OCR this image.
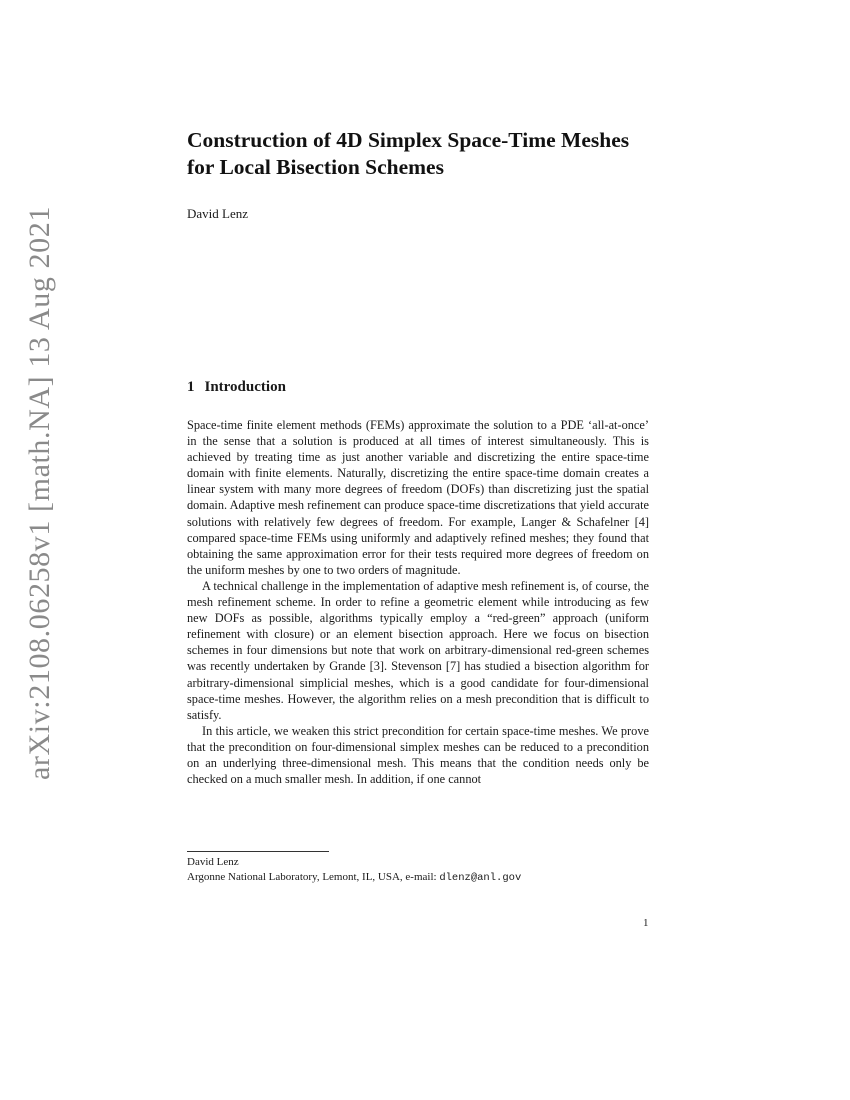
arXiv:2108.06258v1 [math.NA] 13 Aug 2021
Construction of 4D Simplex Space-Time Meshes
for Local Bisection Schemes
David Lenz
1 Introduction

Space-time finite element methods (FEMs) approximate the solution to a PDE ‘all-at-once’ in the sense that a solution is produced at all times of interest simultaneously. This is achieved by treating time as just another variable and discretizing the entire space-time domain with finite elements. Naturally, discretizing the entire space-time domain creates a linear system with many more degrees of freedom (DOFs) than discretizing just the spatial domain. Adaptive mesh refinement can produce space-time discretizations that yield accurate solutions with relatively few degrees of freedom. For example, Langer & Schafelner [4] compared space-time FEMs using uniformly and adaptively refined meshes; they found that obtaining the same approximation error for their tests required more degrees of freedom on the uniform meshes by one to two orders of magnitude.

A technical challenge in the implementation of adaptive mesh refinement is, of course, the mesh refinement scheme. In order to refine a geometric element while introducing as few new DOFs as possible, algorithms typically employ a “red-green” approach (uniform refinement with closure) or an element bisection approach. Here we focus on bisection schemes in four dimensions but note that work on arbitrary-dimensional red-green schemes was recently undertaken by Grande [3]. Stevenson [7] has studied a bisection algorithm for arbitrary-dimensional simplicial meshes, which is a good candidate for four-dimensional space-time meshes. However, the algorithm relies on a mesh precondition that is difficult to satisfy.

In this article, we weaken this strict precondition for certain space-time meshes. We prove that the precondition on four-dimensional simplex meshes can be reduced to a precondition on an underlying three-dimensional mesh. This means that the condition needs only be checked on a much smaller mesh. In addition, if one cannot

David Lenz
Argonne National Laboratory, Lemont, IL, USA, e-mail: dlenz@anl.gov
1
